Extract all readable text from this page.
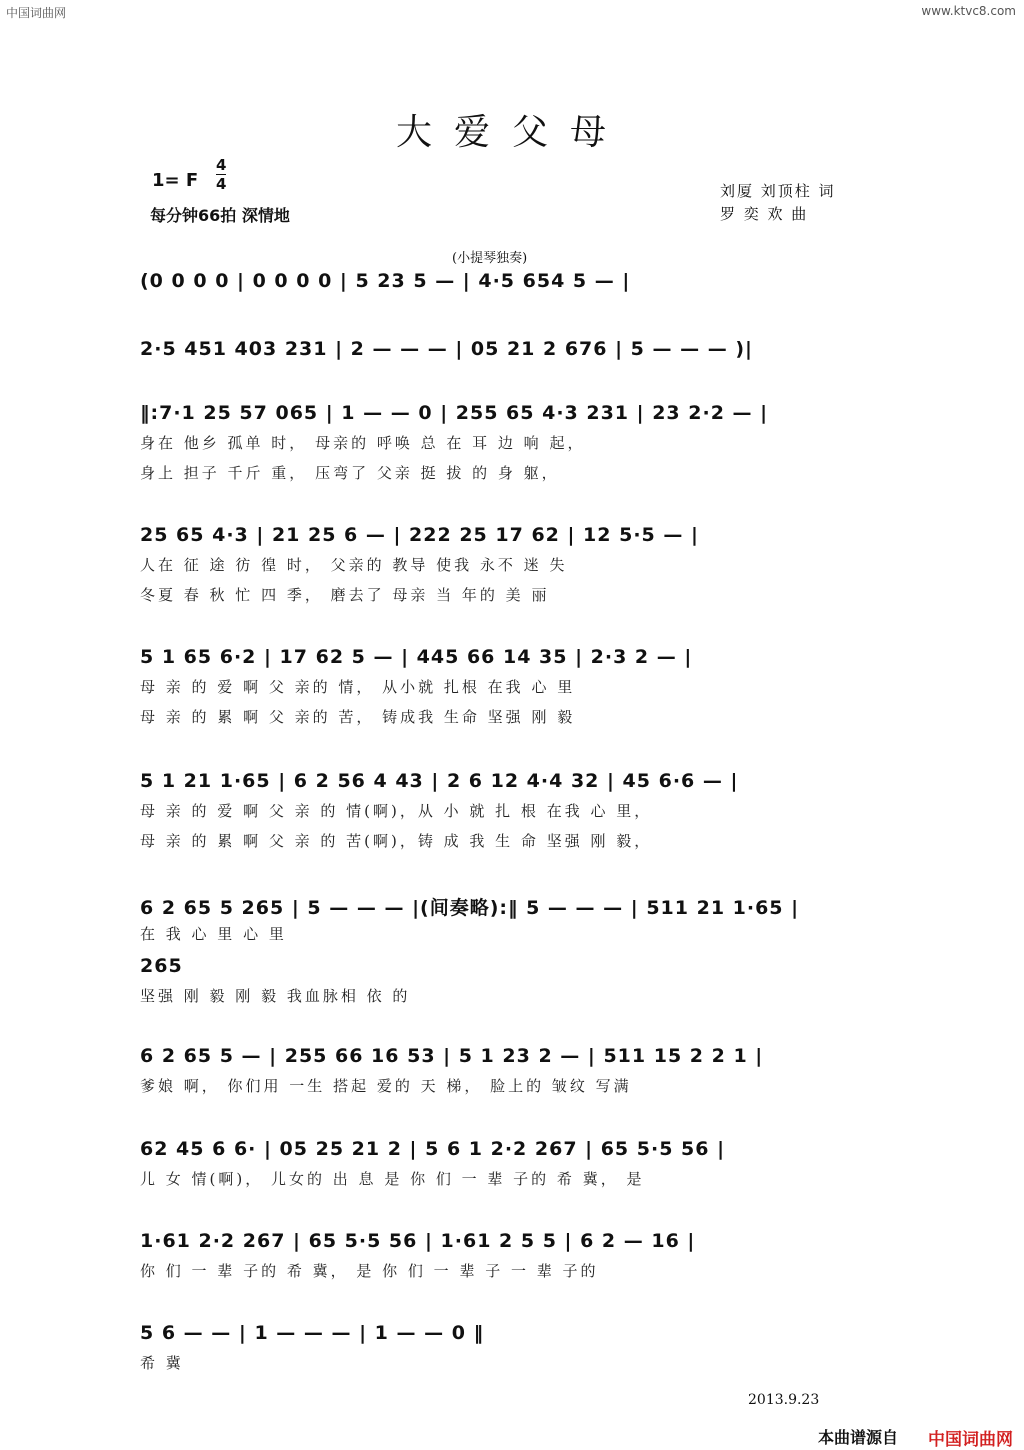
中国词曲网	www.ktvc8.com
大爱父母
1= F $\frac{4}{4}$
每分钟66拍 深情地
刘厦 刘顶柱 词
罗 奕 欢 曲
(小提琴独奏)
(0 0 0 0 | 0 0 0 0 | 5 23 5 — | 4·5 654 5 — |
2·5 451 403 231 | 2 — — — | 05 21 2 676 | 5 — — — )|
‖:7·1 25 57 065 | 1 — — 0 | 255 65 4·3 231 | 23 2·2 — |
身在 他乡 孤单 时， 母亲的 呼唤 总 在 耳 边 响 起，
身上 担子 千斤 重， 压弯了 父亲 挺 拔 的 身 躯，
25 65 4·3 | 21 25 6 — | 222 25 17 62 | 12 5·5 — |
人在 征 途 彷 徨 时， 父亲的 教导 使我 永不 迷 失
冬夏 春 秋 忙 四 季， 磨去了 母亲 当 年的 美 丽
5 1 65 6·2 | 17 62 5 — | 445 66 14 35 | 2·3 2 — |
母 亲 的 爱 啊 父 亲的 情， 从小就 扎根 在我 心 里
母 亲 的 累 啊 父 亲的 苦， 铸成我 生命 坚强 刚 毅
5 1 21 1·65 | 6 2 56 4 43 | 2 6 12 4·4 32 | 45 6·6 — |
母 亲 的 爱 啊 父 亲 的 情(啊)，从 小 就 扎 根 在我 心 里，
母 亲 的 累 啊 父 亲 的 苦(啊)，铸 成 我 生 命 坚强 刚 毅，
6 2 65 5 265 | 5 — — — |(间奏略):‖ 5 — — — | 511 21 1·65 |
在 我 心 里 心 里
265
6 2 65 5 — | 255 66 16 53 | 5 1 23 2 — | 511 15 2 2 1 |
爹娘 啊， 你们用 一生 搭起 爱的 天 梯， 脸上的 皱纹 写满
62 45 6 6· | 05 25 21 2 | 5 6 1 2·2 267 | 65 5·5 56 |
儿 女 情(啊)， 儿女的 出 息 是 你 们 一 辈 子的 希 冀， 是
1·61 2·2 267 | 65 5·5 56 | 1·61 2 5 5 | 6 2 — 16 |
你 们 一 辈 子的 希 冀， 是 你 们 一 辈 子 一 辈 子的
5 6 — — | 1 — — — | 1 — — 0 ‖
希 冀
坚强 刚 毅 刚 毅 我血脉相 依 的
2013.9.23
本曲谱源自 中国词曲网
